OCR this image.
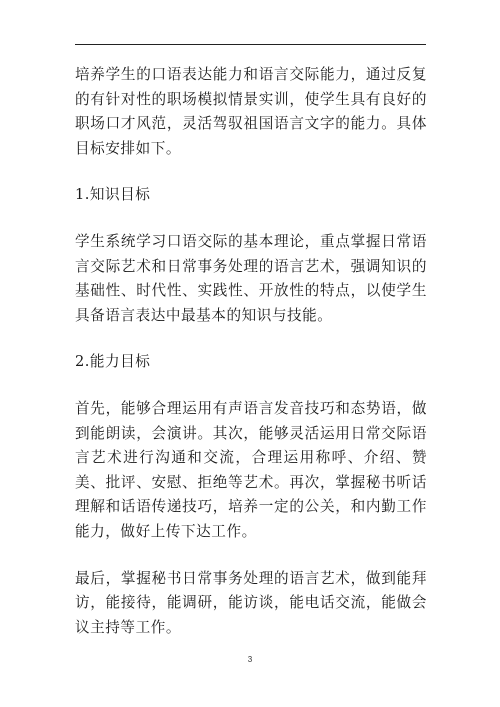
培养学生的口语表达能力和语言交际能力，通过反复的有针对性的职场模拟情景实训，使学生具有良好的职场口才风范，灵活驾驭祖国语言文字的能力。具体目标安排如下。

1.知识目标

学生系统学习口语交际的基本理论，重点掌握日常语言交际艺术和日常事务处理的语言艺术，强调知识的基础性、时代性、实践性、开放性的特点，以使学生具备语言表达中最基本的知识与技能。

2.能力目标

首先，能够合理运用有声语言发音技巧和态势语，做到能朗读，会演讲。其次，能够灵活运用日常交际语言艺术进行沟通和交流，合理运用称呼、介绍、赞美、批评、安慰、拒绝等艺术。再次，掌握秘书听话理解和话语传递技巧，培养一定的公关，和内勤工作能力，做好上传下达工作。

最后，掌握秘书日常事务处理的语言艺术，做到能拜访，能接待，能调研，能访谈，能电话交流，能做会议主持等工作。

3
